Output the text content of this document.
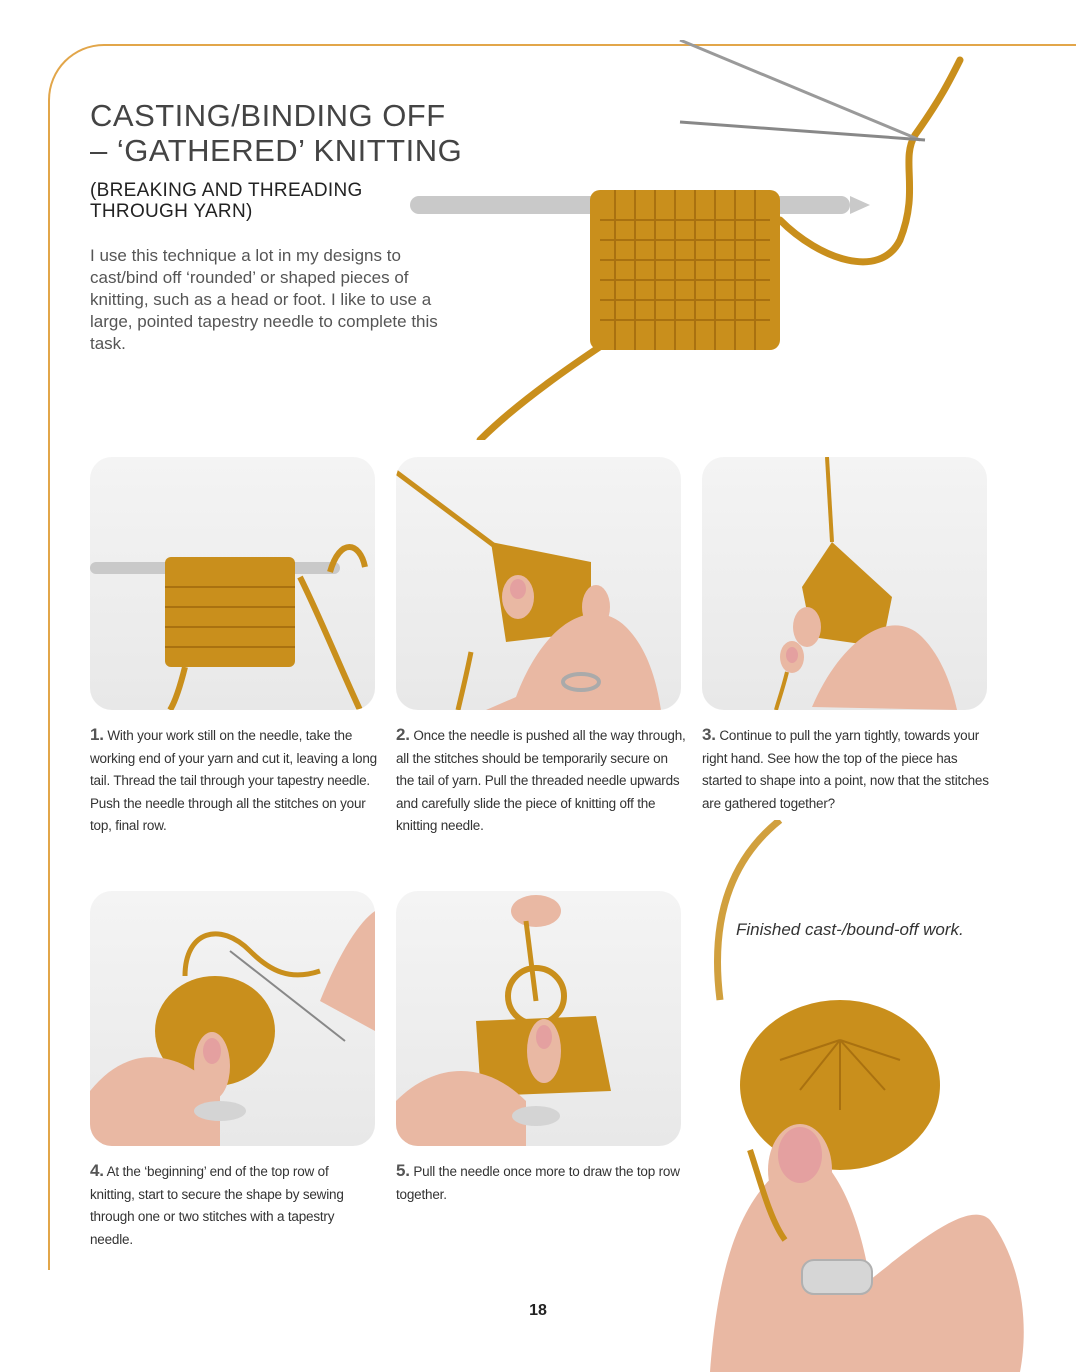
CASTING/BINDING OFF
– ‘GATHERED’ KNITTING
(BREAKING AND THREADING THROUGH YARN)

I use this technique a lot in my designs to cast/bind off ‘rounded’ or shaped pieces of knitting, such as a head or foot. I like to use a large, pointed tapestry needle to complete this task.

1. With your work still on the needle, take the working end of your yarn and cut it, leaving a long tail. Thread the tail through your tapestry needle. Push the needle through all the stitches on your top, final row.

2. Once the needle is pushed all the way through, all the stitches should be temporarily secure on the tail of yarn. Pull the threaded needle upwards and carefully slide the piece of knitting off the knitting needle.

3. Continue to pull the yarn tightly, towards your right hand. See how the top of the piece has started to shape into a point, now that the stitches are gathered together?

4. At the ‘beginning’ end of the top row of knitting, start to secure the shape by sewing through one or two stitches with a tapestry needle.

5. Pull the needle once more to draw the top row together.

Finished cast-/bound-off work.

18
